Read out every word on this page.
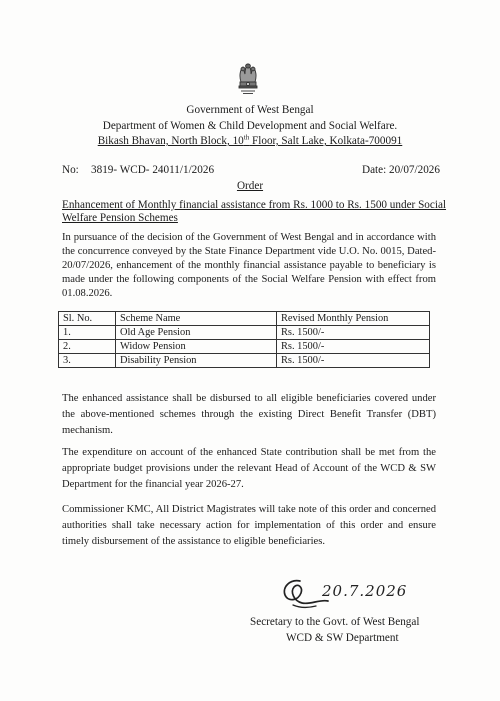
Government of West Bengal
Department of Women & Child Development and Social Welfare.
Bikash Bhavan, North Block, 10th Floor, Salt Lake, Kolkata-700091
No: 3819- WCD- 24011/1/2026	Date: 20/07/2026
Order
Enhancement of Monthly financial assistance from Rs. 1000 to Rs. 1500 under Social
Welfare Pension Schemes
In pursuance of the decision of the Government of West Bengal and in accordance with the concurrence conveyed by the State Finance Department vide U.O. No. 0015, Dated-20/07/2026, enhancement of the monthly financial assistance payable to beneficiary is made under the following components of the Social Welfare Pension with effect from 01.08.2026.
Sl. No.	Scheme Name	Revised Monthly Pension
1.	Old Age Pension	Rs. 1500/-
2.	Widow Pension	Rs. 1500/-
3.	Disability Pension	Rs. 1500/-
The enhanced assistance shall be disbursed to all eligible beneficiaries covered under the above-mentioned schemes through the existing Direct Benefit Transfer (DBT) mechanism.
The expenditure on account of the enhanced State contribution shall be met from the appropriate budget provisions under the relevant Head of Account of the WCD & SW Department for the financial year 2026-27.
Commissioner KMC, All District Magistrates will take note of this order and concerned authorities shall take necessary action for implementation of this order and ensure timely disbursement of the assistance to eligible beneficiaries.
20.7.2026
Secretary to the Govt. of West Bengal
WCD & SW Department
